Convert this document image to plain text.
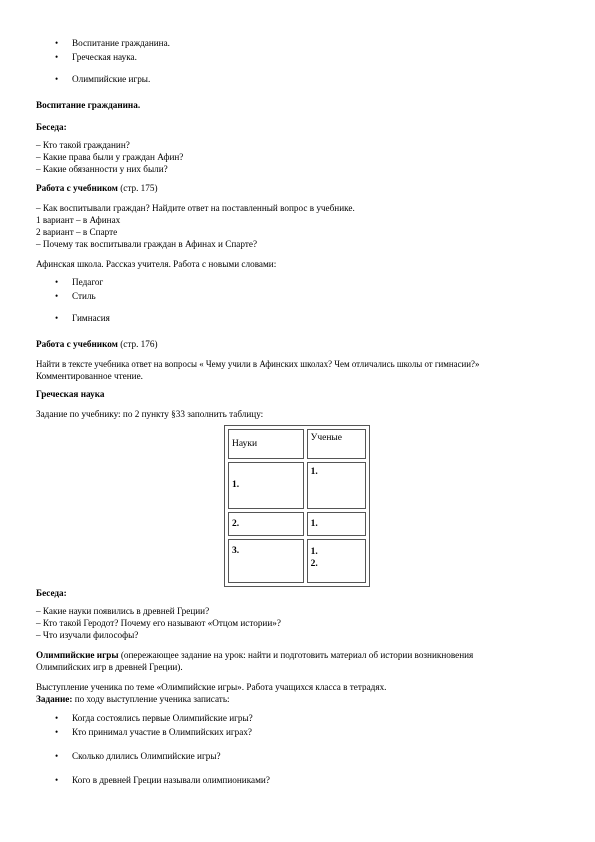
• Воспитание гражданина.
• Греческая наука.
• Олимпийские игры.
Воспитание гражданина.
Беседа:
– Кто такой гражданин?
– Какие права были у граждан Афин?
– Какие обязанности у них были?
Работа с учебником (стр. 175)
– Как воспитывали граждан? Найдите ответ на поставленный вопрос в учебнике.
1 вариант – в Афинах
2 вариант – в Спарте
– Почему так воспитывали граждан в Афинах и Спарте?
Афинская школа. Рассказ учителя. Работа с новыми словами:
• Педагог
• Стиль
• Гимнасия
Работа с учебником (стр. 176)
Найти в тексте учебника ответ на вопросы « Чему учили в Афинских школах? Чем отличались школы от гимнасии?»
Комментированное чтение.
Греческая наука
Задание по учебнику: по 2 пункту §33 заполнить таблицу:
Науки	Ученые
1.	1.
2.	1.
3.	1.
2.
Беседа:
– Какие науки появились в древней Греции?
– Кто такой Геродот? Почему его называют «Отцом истории»?
– Что изучали философы?
Олимпийские игры (опережающее задание на урок: найти и подготовить материал об истории возникновения
Олимпийских игр в древней Греции).
Выступление ученика по теме «Олимпийские игры». Работа учащихся класса в тетрадях.
Задание: по ходу выступление ученика записать:
• Когда состоялись первые Олимпийские игры?
• Кто принимал участие в Олимпийских играх?
• Сколько длились Олимпийские игры?
• Кого в древней Греции называли олимпиониками?
